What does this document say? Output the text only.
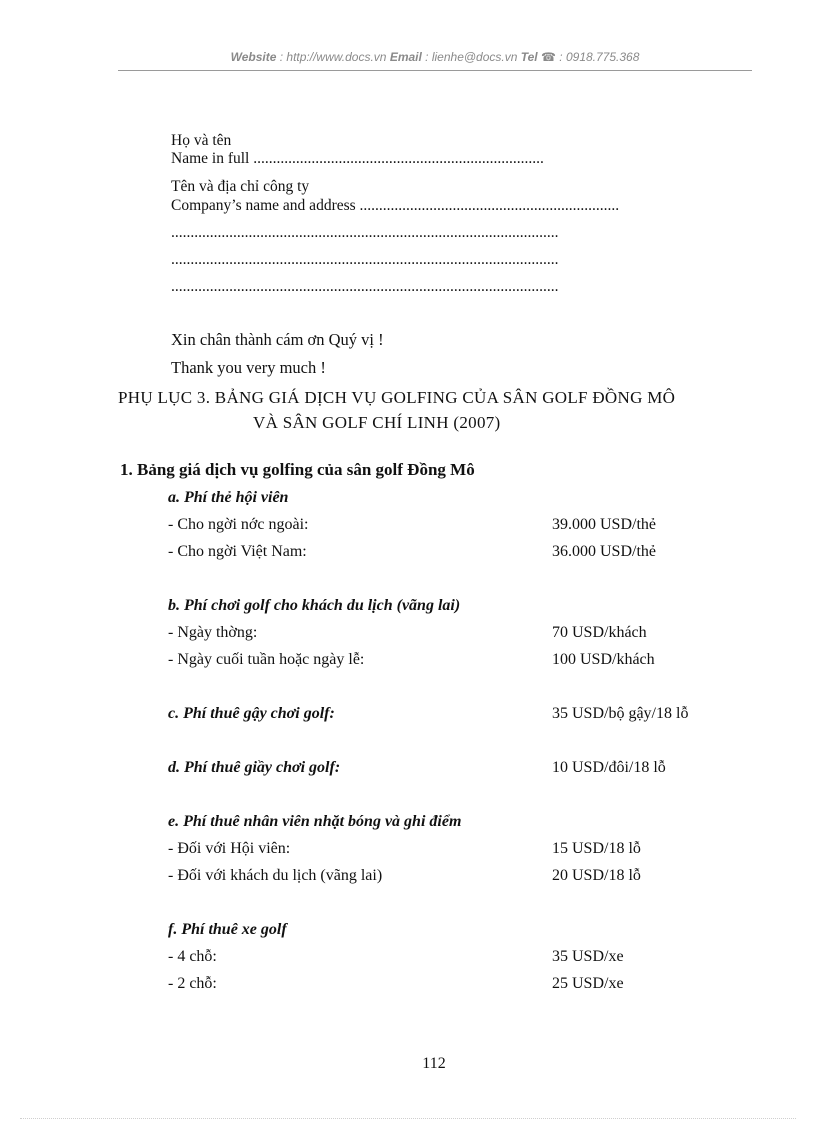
Website : http://www.docs.vn Email : lienhe@docs.vn Tel ☎ : 0918.775.368
Họ và tên
Name in full ...........................................................................
Tên và địa chỉ công ty
Company’s name and address ...................................................................
....................................................................................................
....................................................................................................
....................................................................................................
Xin chân thành cám ơn Quý vị !
Thank you very much !
PHỤ LỤC 3. BẢNG GIÁ DỊCH VỤ GOLFING CỦA SÂN GOLF ĐỒNG MÔ
VÀ SÂN GOLF CHÍ LINH (2007)
1. Bảng giá dịch vụ golfing của sân golf Đồng Mô
a. Phí thẻ hội viên
- Cho ngời nớc ngoài:	39.000 USD/thẻ
- Cho ngời Việt Nam:	36.000 USD/thẻ
b. Phí chơi golf cho khách du lịch (vãng lai)
- Ngày thờng:	70 USD/khách
- Ngày cuối tuần hoặc ngày lễ:	100 USD/khách
c. Phí thuê gậy chơi golf:	35 USD/bộ gậy/18 lỗ
d. Phí thuê giầy chơi golf:	10 USD/đôi/18 lỗ
e. Phí thuê nhân viên nhặt bóng và ghi điểm
- Đối với Hội viên:	15 USD/18 lỗ
- Đối với khách du lịch (vãng lai)	20 USD/18 lỗ
f. Phí thuê xe golf
- 4 chỗ:	35 USD/xe
- 2 chỗ:	25 USD/xe
112
